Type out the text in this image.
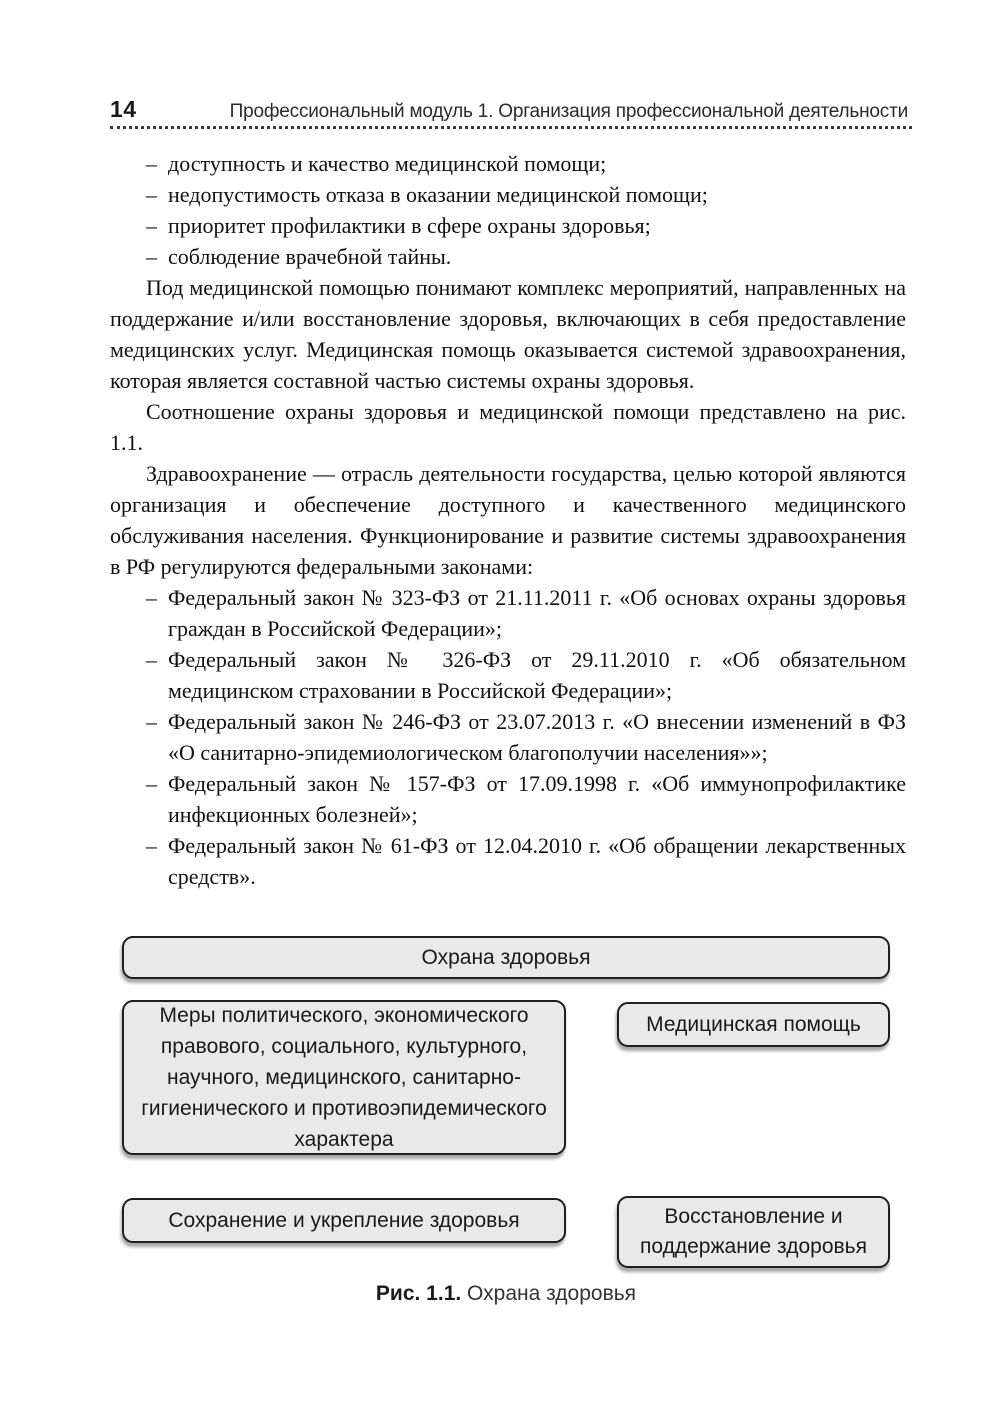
14	Профессиональный модуль 1. Организация профессиональной деятельности
– доступность и качество медицинской помощи;
– недопустимость отказа в оказании медицинской помощи;
– приоритет профилактики в сфере охраны здоровья;
– соблюдение врачебной тайны.

Под медицинской помощью понимают комплекс мероприятий, направленных на поддержание и/или восстановление здоровья, включающих в себя предоставление медицинских услуг. Медицинская помощь оказывается системой здравоохранения, которая является составной частью системы охраны здоровья.

Соотношение охраны здоровья и медицинской помощи представлено на рис. 1.1.

Здравоохранение — отрасль деятельности государства, целью которой являются организация и обеспечение доступного и качественного медицинского обслуживания населения. Функционирование и развитие системы здравоохранения в РФ регулируются федеральными законами:

– Федеральный закон № 323-ФЗ от 21.11.2011 г. «Об основах охраны здоровья граждан в Российской Федерации»;
– Федеральный закон № 326-ФЗ от 29.11.2010 г. «Об обязательном медицинском страховании в Российской Федерации»;
– Федеральный закон № 246-ФЗ от 23.07.2013 г. «О внесении изменений в ФЗ «О санитарно-эпидемиологическом благополучии населения»»;
– Федеральный закон № 157-ФЗ от 17.09.1998 г. «Об иммунопрофилактике инфекционных болезней»;
– Федеральный закон № 61-ФЗ от 12.04.2010 г. «Об обращении лекарственных средств».
Охрана здоровья
Меры политического, экономического правового, социального, культурного, научного, медицинского, санитарно-гигиенического и противоэпидемического характера
Медицинская помощь
Сохранение и укрепление здоровья	Восстановление и поддержание здоровья
Рис. 1.1. Охрана здоровья
